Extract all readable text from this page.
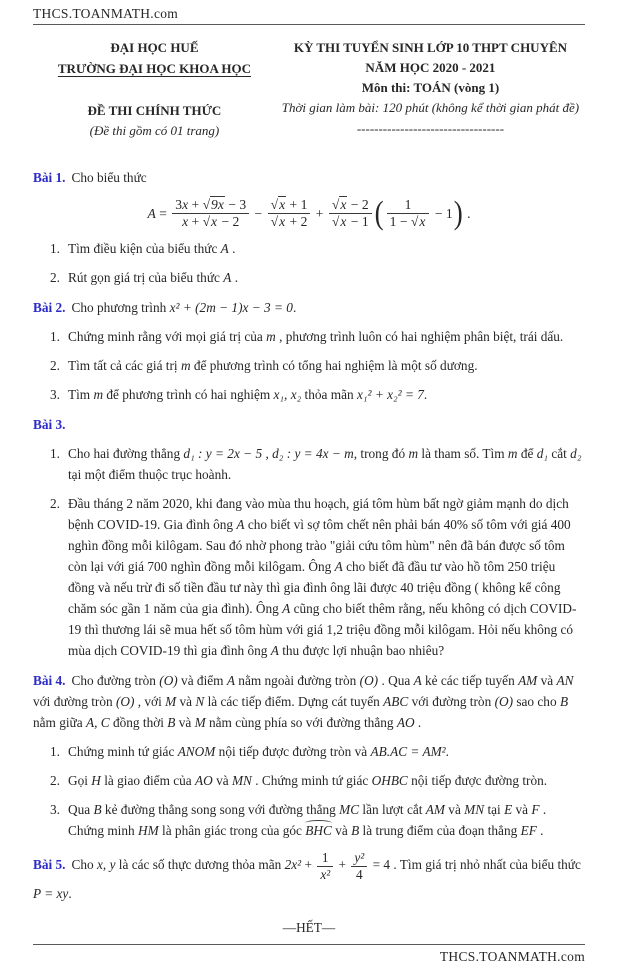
THCS.TOANMATH.com
ĐẠI HỌC HUẾ
TRƯỜNG ĐẠI HỌC KHOA HỌC
ĐỀ THI CHÍNH THỨC
(Đề thi gồm có 01 trang)
KỲ THI TUYỂN SINH LỚP 10 THPT CHUYÊN
NĂM HỌC 2020 - 2021
Môn thi: TOÁN (vòng 1)
Thời gian làm bài: 120 phút (không kể thời gian phát đề)
----------------------------------

Bài 1. Cho biểu thức

$A = \frac{3x + √9x - 3}{x + √x - 2} - \frac{√x + 1}{√x + 2} + \frac{√x - 2}{√x - 1}$ ( $\frac{1}{1 - √x} - 1$ ) .
1. Tìm điều kiện của biểu thức A .
2. Rút gọn giá trị của biểu thức A .

Bài 2. Cho phương trình x² + (2m − 1)x − 3 = 0.

1. Chứng minh rằng với mọi giá trị của m , phương trình luôn có hai nghiệm phân biệt, trái dấu.
2. Tìm tất cả các giá trị m để phương trình có tổng hai nghiệm là một số dương.
3. Tìm m để phương trình có hai nghiệm x₁, x₂ thỏa mãn x₁² + x₂² = 7.

Bài 3.

1. Cho hai đường thẳng d₁ : y = 2x − 5 , d₂ : y = 4x − m, trong đó m là tham số. Tìm m để d₁ cắt d₂ tại một điểm thuộc trục hoành.
2. Đầu tháng 2 năm 2020, khi đang vào mùa thu hoạch, giá tôm hùm bất ngờ giảm mạnh do dịch bệnh COVID-19. Gia đình ông A cho biết vì sợ tôm chết nên phải bán 40% số tôm với giá 400 nghìn đồng mỗi kilôgam. Sau đó nhờ phong trào "giải cứu tôm hùm" nên đã bán được số tôm còn lại với giá 700 nghìn đồng mỗi kilôgam. Ông A cho biết đã đầu tư vào hồ tôm 250 triệu đồng và nếu trừ đi số tiền đầu tư này thì gia đình ông lãi được 40 triệu đồng ( không kể công chăm sóc gần 1 năm của gia đình). Ông A cũng cho biết thêm rằng, nếu không có dịch COVID-19 thì thương lái sẽ mua hết số tôm hùm với giá 1,2 triệu đồng mỗi kilôgam. Hỏi nếu không có mùa dịch COVID-19 thì gia đình ông A thu được lợi nhuận bao nhiêu?

Bài 4. Cho đường tròn (O) và điểm A nằm ngoài đường tròn (O) . Qua A kẻ các tiếp tuyến AM và AN với đường tròn (O) , với M và N là các tiếp điểm. Dựng cát tuyến ABC với đường tròn (O) sao cho B nằm giữa A, C đồng thời B và M nằm cùng phía so với đường thẳng AO .

1. Chứng minh tứ giác ANOM nội tiếp được đường tròn và AB.AC = AM².
2. Gọi H là giao điểm của AO và MN . Chứng minh tứ giác OHBC nội tiếp được đường tròn.
3. Qua B kẻ đường thẳng song song với đường thẳng MC lần lượt cắt AM và MN tại E và F . Chứng minh HM là phân giác trong của góc BHC và B là trung điểm của đoạn thẳng EF .

Bài 5. Cho x, y là các số thực dương thỏa mãn $2x^2 + \frac{1}{\text{x²}} + \frac{\text{y²}}{4} = 4$ . Tìm giá trị nhỏ nhất của biểu thức P = xy.

—HẾT—
THCS.TOANMATH.com
